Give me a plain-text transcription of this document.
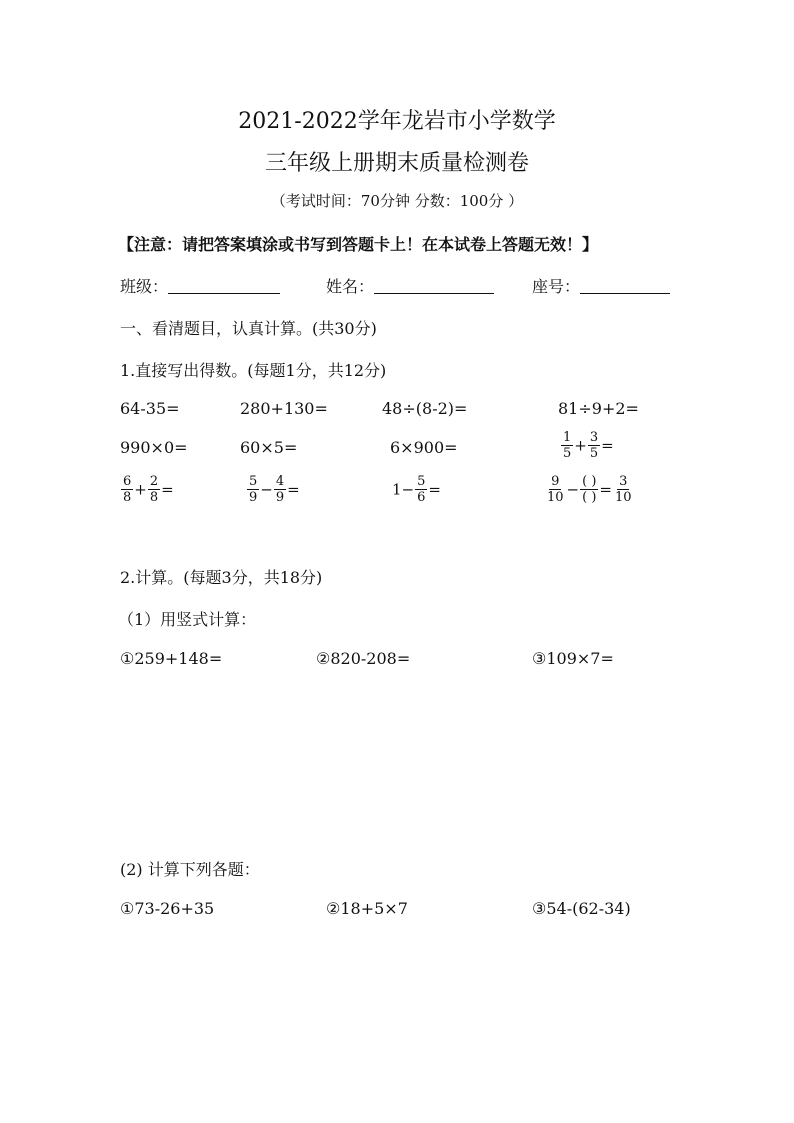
2021-2022学年龙岩市小学数学
三年级上册期末质量检测卷
（考试时间：70分钟 分数：100分 ）
【注意：请把答案填涂或书写到答题卡上！在本试卷上答题无效！】
班级：	姓名：	座号：
一、看清题目，认真计算。(共30分)
1.直接写出得数。(每题1分，共12分)
64-35=	280+130=	48÷(8-2)=	81÷9+2=
990×0=	60×5=	6×900=	$\frac{1}{5} + \frac{3}{5}$ =
$\frac{6}{8} + \frac{2}{8}$ =	$\frac{5}{9} - \frac{4}{9}$ =	$1- \frac{5}{6}$ =	$\frac{9}{10} - \frac{( )}{( )} = \frac{3}{10}$
2.计算。(每题3分，共18分)
（1）用竖式计算：
①259+148=	②820-208=	③109×7=
(2) 计算下列各题：
①73-26+35	②18+5×7	③54-(62-34)
